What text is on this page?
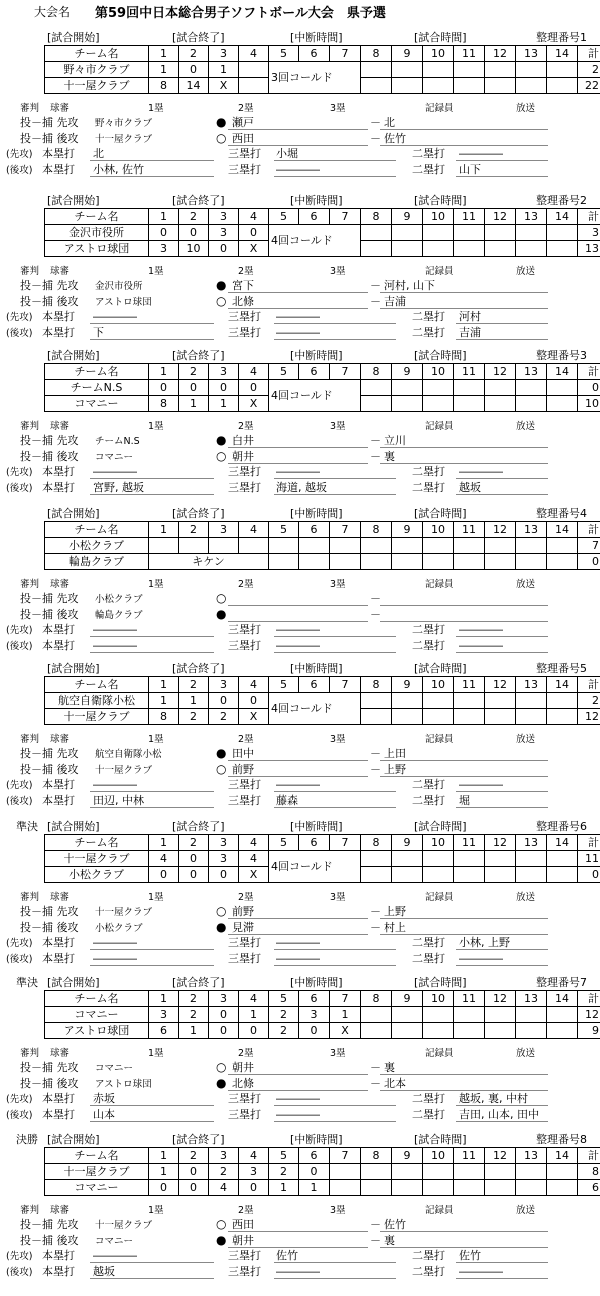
大会名 第59回中日本総合男子ソフトボール大会　県予選
[試合開始]	[試合終了]	[中断時間]	[試合時間]	整理番号1
チーム名	1	2	3	4	5	6	7	8	9	10	11	12	13	14	計
野々市クラブ	1	0	1		3回コールド										2
十一屋クラブ	8	14	X												22
審判 球審	1塁	2塁	3塁	記録員	放送
投－捕 先攻 野々市クラブ	● 瀬戸	－ 北
投－捕 後攻 十一屋クラブ	○ 西田	－ 佐竹
(先攻) 本塁打 北	三塁打 小堀	二塁打 ――――
(後攻) 本塁打 小林, 佐竹	三塁打 ――――	二塁打 山下
[試合開始]	[試合終了]	[中断時間]	[試合時間]	整理番号2
チーム名	1	2	3	4	5	6	7	8	9	10	11	12	13	14	計
金沢市役所	0	0	3	0	4回コールド										3
アストロ球団	3	10	0	X											13
審判 球審	1塁	2塁	3塁	記録員	放送
投－捕 先攻 金沢市役所	● 宮下	－ 河村, 山下
投－捕 後攻 アストロ球団	○ 北條	－ 吉浦
(先攻) 本塁打 ――――	三塁打 ――――	二塁打 河村
(後攻) 本塁打 下	三塁打 ――――	二塁打 吉浦
[試合開始]	[試合終了]	[中断時間]	[試合時間]	整理番号3
チーム名	1	2	3	4	5	6	7	8	9	10	11	12	13	14	計
チームN.S	0	0	0	0	4回コールド										0
コマニー	8	1	1	X											10
審判 球審	1塁	2塁	3塁	記録員	放送
投－捕 先攻 チームN.S	● 白井	－ 立川
投－捕 後攻 コマニー	○ 朝井	－ 裏
(先攻) 本塁打 ――――	三塁打 ――――	二塁打 ――――
(後攻) 本塁打 宮野, 越坂	三塁打 海道, 越坂	二塁打 越坂
[試合開始]	[試合終了]	[中断時間]	[試合時間]	整理番号4
チーム名	1	2	3	4	5	6	7	8	9	10	11	12	13	14	計
小松クラブ															7
輪島クラブ	キケン														0
審判 球審	1塁	2塁	3塁	記録員	放送
投－捕 先攻 小松クラブ	○	－
投－捕 後攻 輪島クラブ	●	－
(先攻) 本塁打 ――――	三塁打 ――――	二塁打 ――――
(後攻) 本塁打 ――――	三塁打 ――――	二塁打 ――――
[試合開始]	[試合終了]	[中断時間]	[試合時間]	整理番号5
チーム名	1	2	3	4	5	6	7	8	9	10	11	12	13	14	計
航空自衛隊小松	1	1	0	0	4回コールド										2
十一屋クラブ	8	2	2	X											12
審判 球審	1塁	2塁	3塁	記録員	放送
投－捕 先攻 航空自衛隊小松	● 田中	－ 上田
投－捕 後攻 十一屋クラブ	○ 前野	－ 上野
(先攻) 本塁打 ――――	三塁打 ――――	二塁打 ――――
(後攻) 本塁打 田辺, 中林	三塁打 藤森	二塁打 堀
準決 [試合開始]	[試合終了]	[中断時間]	[試合時間]	整理番号6
チーム名	1	2	3	4	5	6	7	8	9	10	11	12	13	14	計
十一屋クラブ	4	0	3	4	4回コールド										11
小松クラブ	0	0	0	X											0
審判 球審	1塁	2塁	3塁	記録員	放送
投－捕 先攻 十一屋クラブ	○ 前野	－ 上野
投－捕 後攻 小松クラブ	● 見滞	－ 村上
(先攻) 本塁打 ――――	三塁打 ――――	二塁打 小林, 上野
(後攻) 本塁打 ――――	三塁打 ――――	二塁打 ――――
準決 [試合開始]	[試合終了]	[中断時間]	[試合時間]	整理番号7
チーム名	1	2	3	4	5	6	7	8	9	10	11	12	13	14	計
コマニー	3	2	0	1	2	3	1								12
アストロ球団	6	1	0	0	2	0	X								9
審判 球審	1塁	2塁	3塁	記録員	放送
投－捕 先攻 コマニー	○ 朝井	－ 裏
投－捕 後攻 アストロ球団	● 北條	－ 北本
(先攻) 本塁打 赤坂	三塁打 ――――	二塁打 越坂, 裏, 中村
(後攻) 本塁打 山本	三塁打 ――――	二塁打 吉田, 山本, 田中
決勝 [試合開始]	[試合終了]	[中断時間]	[試合時間]	整理番号8
チーム名	1	2	3	4	5	6	7	8	9	10	11	12	13	14	計
十一屋クラブ	1	0	2	3	2	0									8
コマニー	0	0	4	0	1	1									6
審判 球審	1塁	2塁	3塁	記録員	放送
投－捕 先攻 十一屋クラブ	○ 西田	－ 佐竹
投－捕 後攻 コマニー	● 朝井	－ 裏
(先攻) 本塁打 ――――	三塁打 佐竹	二塁打 佐竹
(後攻) 本塁打 越坂	三塁打 ――――	二塁打 ――――
